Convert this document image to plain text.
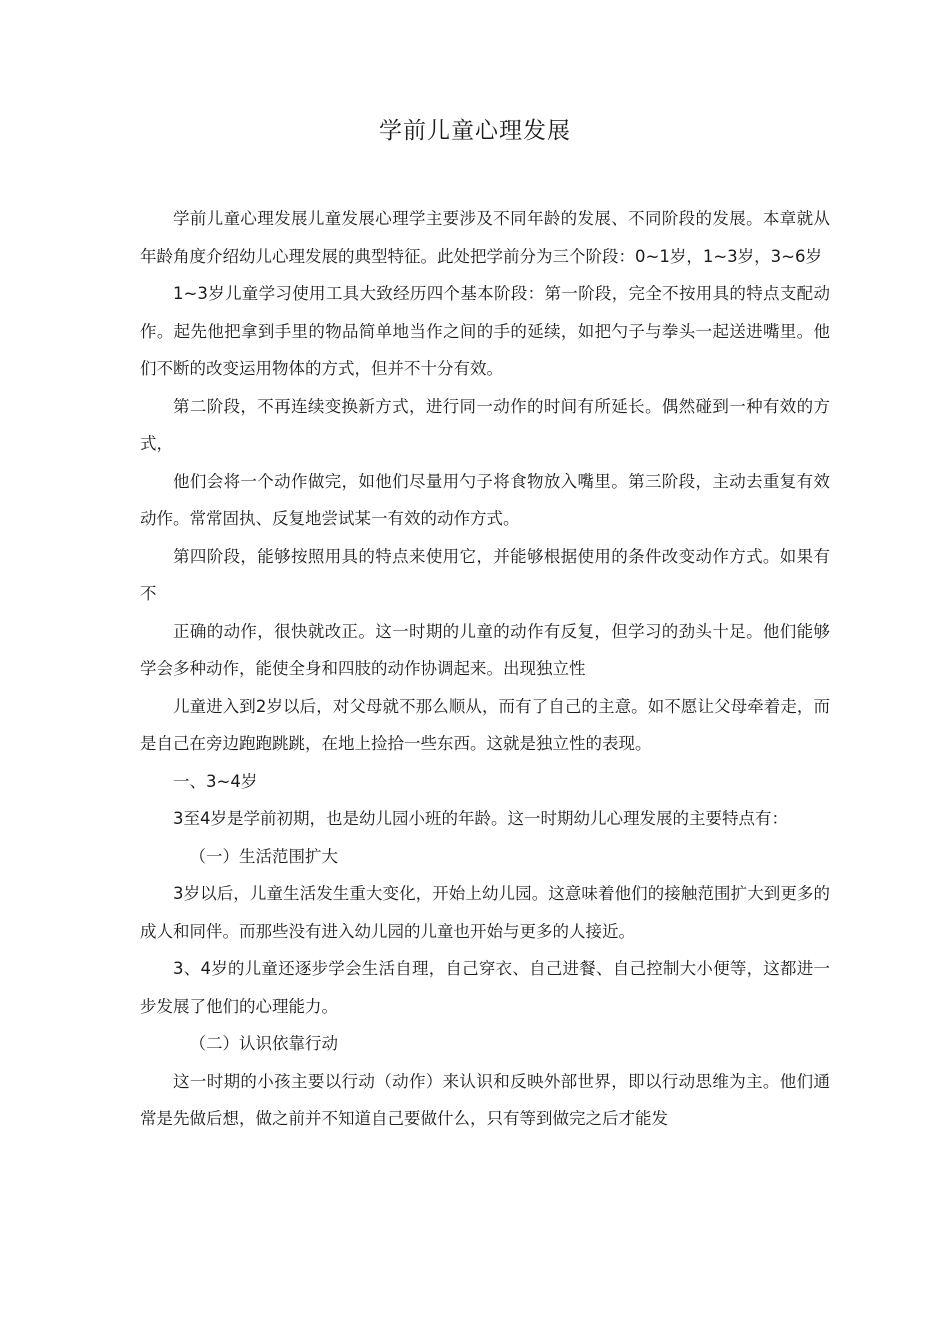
学前儿童心理发展

学前儿童心理发展儿童发展心理学主要涉及不同年龄的发展、不同阶段的发展。本章就从年龄角度介绍幼儿心理发展的典型特征。此处把学前分为三个阶段：0~1岁，1~3岁，3~6岁

1~3岁儿童学习使用工具大致经历四个基本阶段：第一阶段，完全不按用具的特点支配动作。起先他把拿到手里的物品简单地当作之间的手的延续，如把勺子与拳头一起送进嘴里。他们不断的改变运用物体的方式，但并不十分有效。

第二阶段，不再连续变换新方式，进行同一动作的时间有所延长。偶然碰到一种有效的方式，

他们会将一个动作做完，如他们尽量用勺子将食物放入嘴里。第三阶段，主动去重复有效动作。常常固执、反复地尝试某一有效的动作方式。

第四阶段，能够按照用具的特点来使用它，并能够根据使用的条件改变动作方式。如果有不

正确的动作，很快就改正。这一时期的儿童的动作有反复，但学习的劲头十足。他们能够学会多种动作，能使全身和四肢的动作协调起来。出现独立性

儿童进入到2岁以后，对父母就不那么顺从，而有了自己的主意。如不愿让父母牵着走，而是自己在旁边跑跑跳跳，在地上捡拾一些东西。这就是独立性的表现。

一、3~4岁

3至4岁是学前初期，也是幼儿园小班的年龄。这一时期幼儿心理发展的主要特点有：

（一）生活范围扩大

3岁以后，儿童生活发生重大变化，开始上幼儿园。这意味着他们的接触范围扩大到更多的成人和同伴。而那些没有进入幼儿园的儿童也开始与更多的人接近。

3、4岁的儿童还逐步学会生活自理，自己穿衣、自己进餐、自己控制大小便等，这都进一步发展了他们的心理能力。

（二）认识依靠行动

这一时期的小孩主要以行动（动作）来认识和反映外部世界，即以行动思维为主。他们通常是先做后想，做之前并不知道自己要做什么，只有等到做完之后才能发
